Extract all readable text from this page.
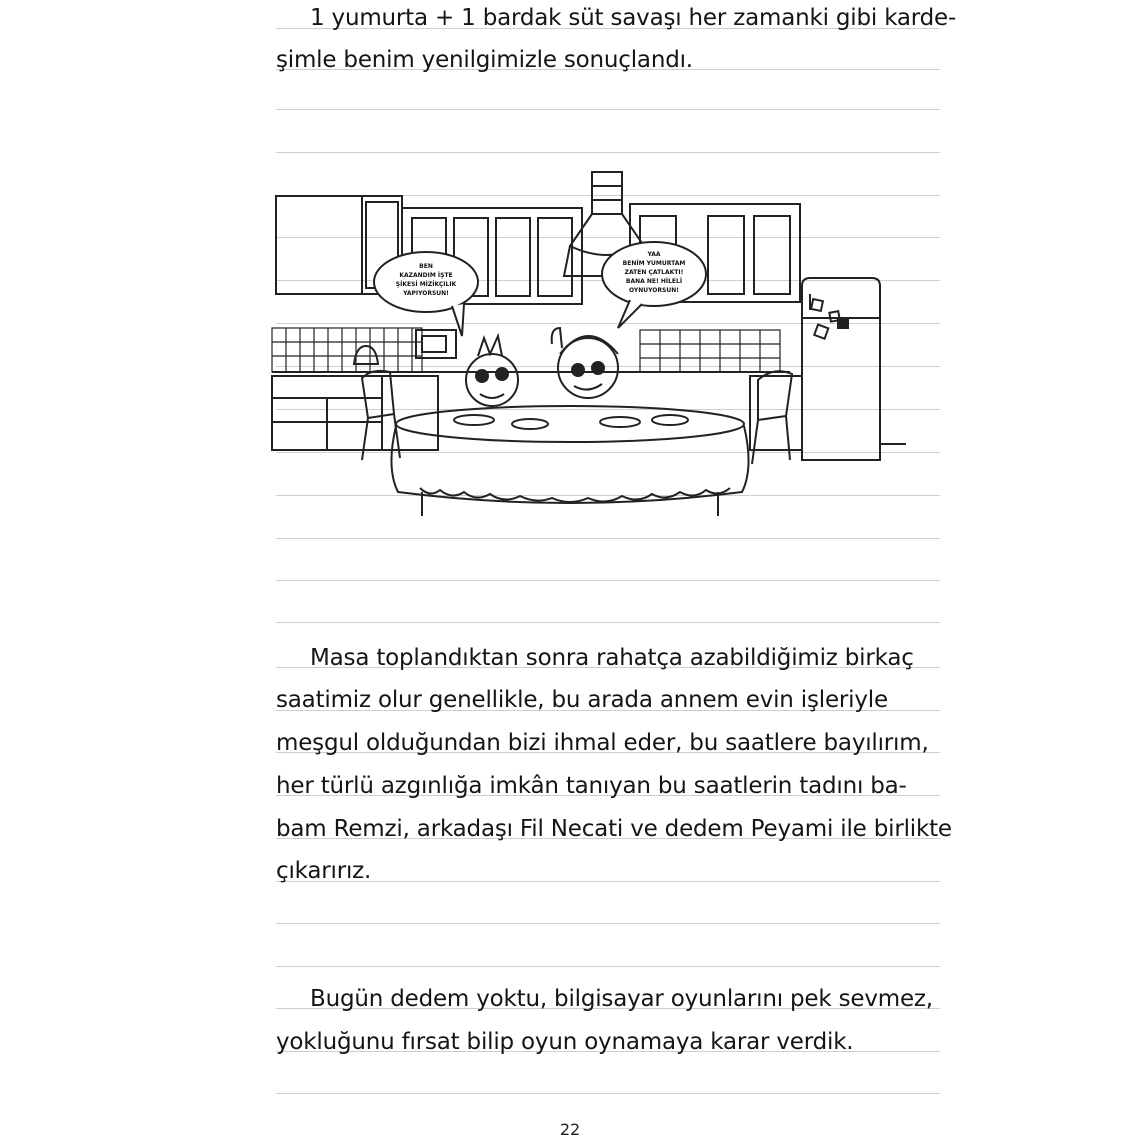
1 yumurta + 1 bardak süt savaşı her zamanki gibi karde-
şimle benim yenilgimizle sonuçlandı.
BEN
KAZANDIM İŞTE
ŞİKESİ MİZİKÇILIK
YAPIYORSUN!
YAA
BENİM YUMURTAM
ZATEN ÇATLAKTI!
BANA NE! HİLELİ
OYNUYORSUN!
Masa toplandıktan sonra rahatça azabildiğimiz birkaç
saatimiz olur genellikle, bu arada annem evin işleriyle
meşgul olduğundan bizi ihmal eder, bu saatlere bayılırım,
her türlü azgınlığa imkân tanıyan bu saatlerin tadını ba-
bam Remzi, arkadaşı Fil Necati ve dedem Peyami ile birlikte
çıkarırız.
Bugün dedem yoktu, bilgisayar oyunlarını pek sevmez,
yokluğunu fırsat bilip oyun oynamaya karar verdik.
22
